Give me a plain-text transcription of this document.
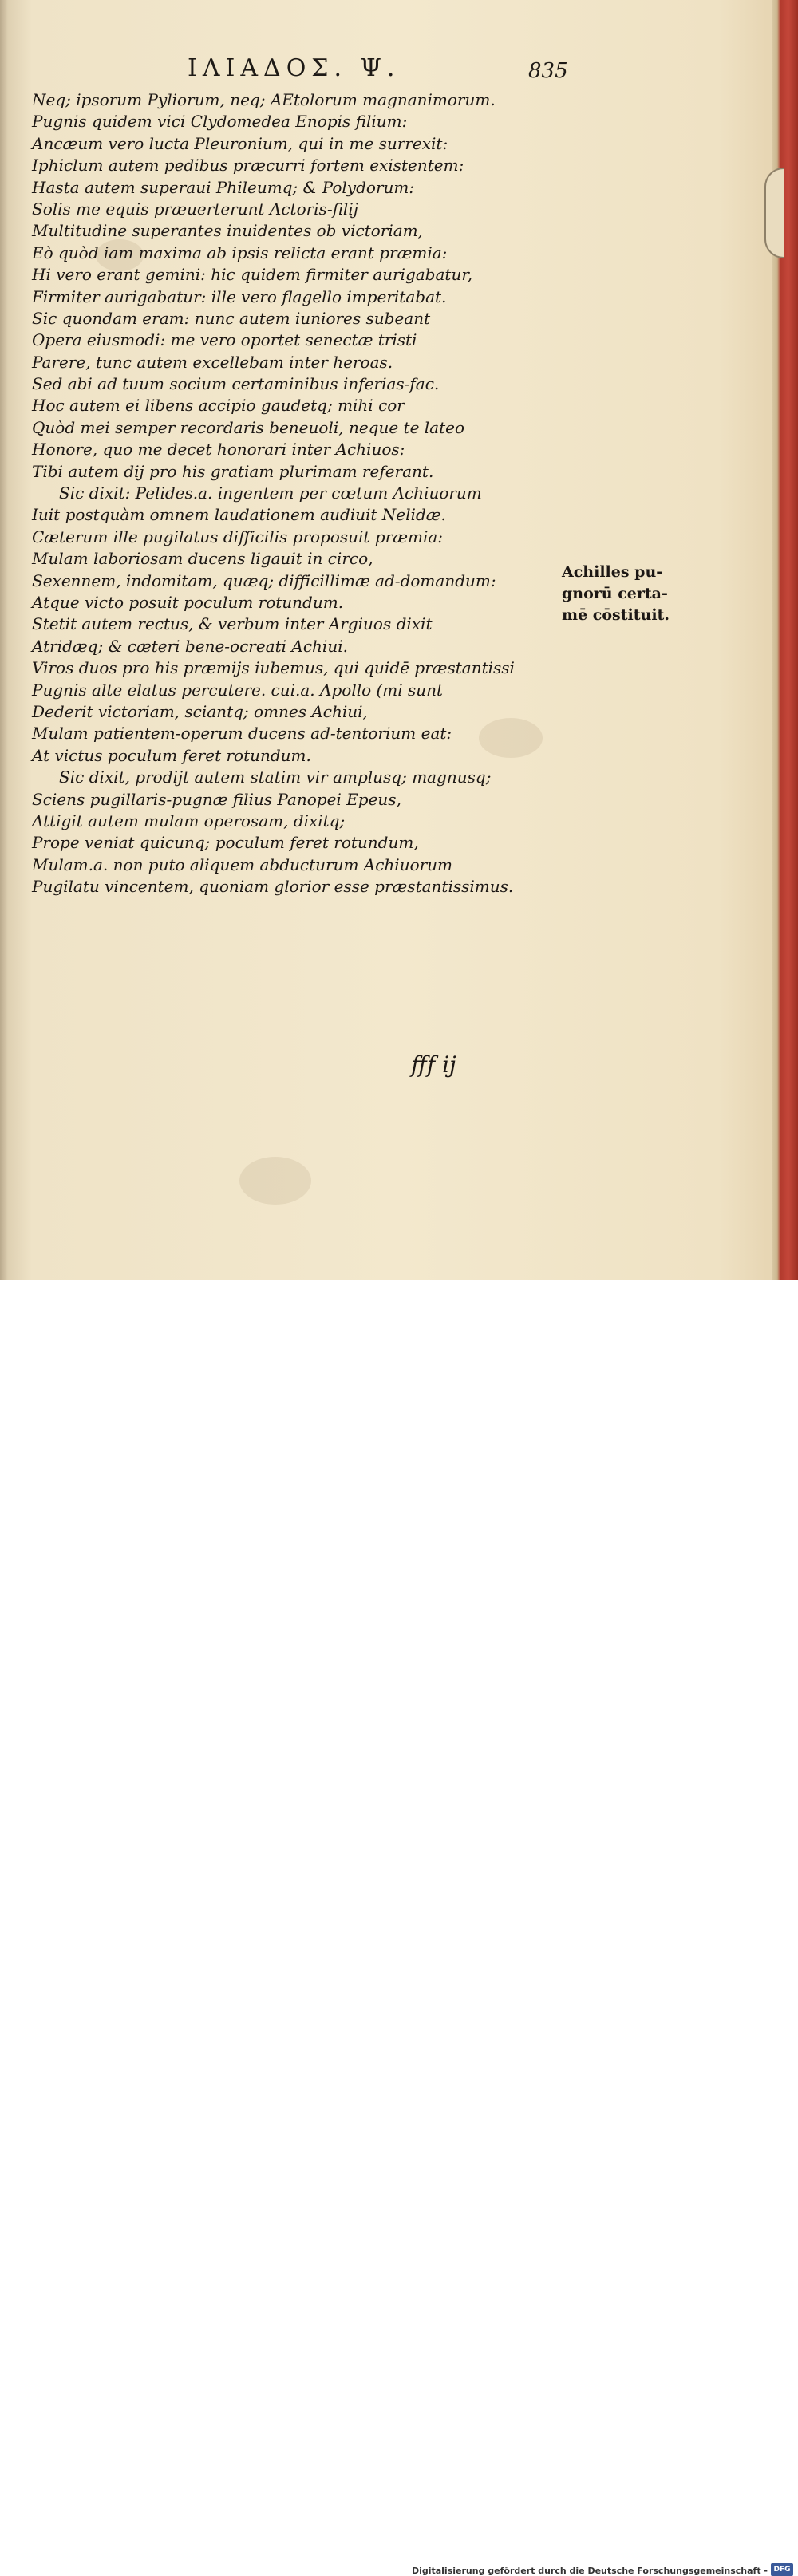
ΙΛΙΑΔΟΣ. Ψ.	835
Neq; ipsorum Pyliorum, neq; AEtolorum magnanimorum.
Pugnis quidem vici Clydomedea Enopis filium:
Ancæum vero lucta Pleuronium, qui in me surrexit:
Iphiclum autem pedibus præcurri fortem existentem:
Hasta autem superaui Phileumq; & Polydorum:
Solis me equis præuerterunt Actoris-filij
Multitudine superantes inuidentes ob victoriam,
Eò quòd iam maxima ab ipsis relicta erant præmia:
Hi vero erant gemini: hic quidem firmiter aurigabatur,
Firmiter aurigabatur: ille vero flagello imperitabat.
Sic quondam eram: nunc autem iuniores subeant
Opera eiusmodi: me vero oportet senectæ tristi
Parere, tunc autem excellebam inter heroas.
Sed abi ad tuum socium certaminibus inferias-fac.
Hoc autem ei libens accipio gaudetq; mihi cor
Quòd mei semper recordaris beneuoli, neque te lateo
Honore, quo me decet honorari inter Achiuos:
Tibi autem dij pro his gratiam plurimam referant.
Sic dixit: Pelides.a. ingentem per cœtum Achiuorum
Iuit postquàm omnem laudationem audiuit Nelidæ.
Cæterum ille pugilatus difficilis proposuit præmia:
Mulam laboriosam ducens ligauit in circo,
Sexennem, indomitam, quæq; difficillimæ ad-domandum:
Atque victo posuit poculum rotundum.
Stetit autem rectus, & verbum inter Argiuos dixit
Atridæq; & cæteri bene-ocreati Achiui.
Viros duos pro his præmijs iubemus, qui quidē præstantissi
Pugnis alte elatus percutere. cui.a. Apollo (mi sunt
Dederit victoriam, sciantq; omnes Achiui,
Mulam patientem-operum ducens ad-tentorium eat:
At victus poculum feret rotundum.
Sic dixit, prodijt autem statim vir amplusq; magnusq;
Sciens pugillaris-pugnæ filius Panopei Epeus,
Attigit autem mulam operosam, dixitq;
Prope veniat quicunq; poculum feret rotundum,
Mulam.a. non puto aliquem abducturum Achiuorum
Pugilatu vincentem, quoniam glorior esse præstantissimus.
Achilles pu-
gnorū certa-
mē cōstituit.
fff ij
Digitalisierung gefördert durch die Deutsche Forschungsgemeinschaft - DFG
